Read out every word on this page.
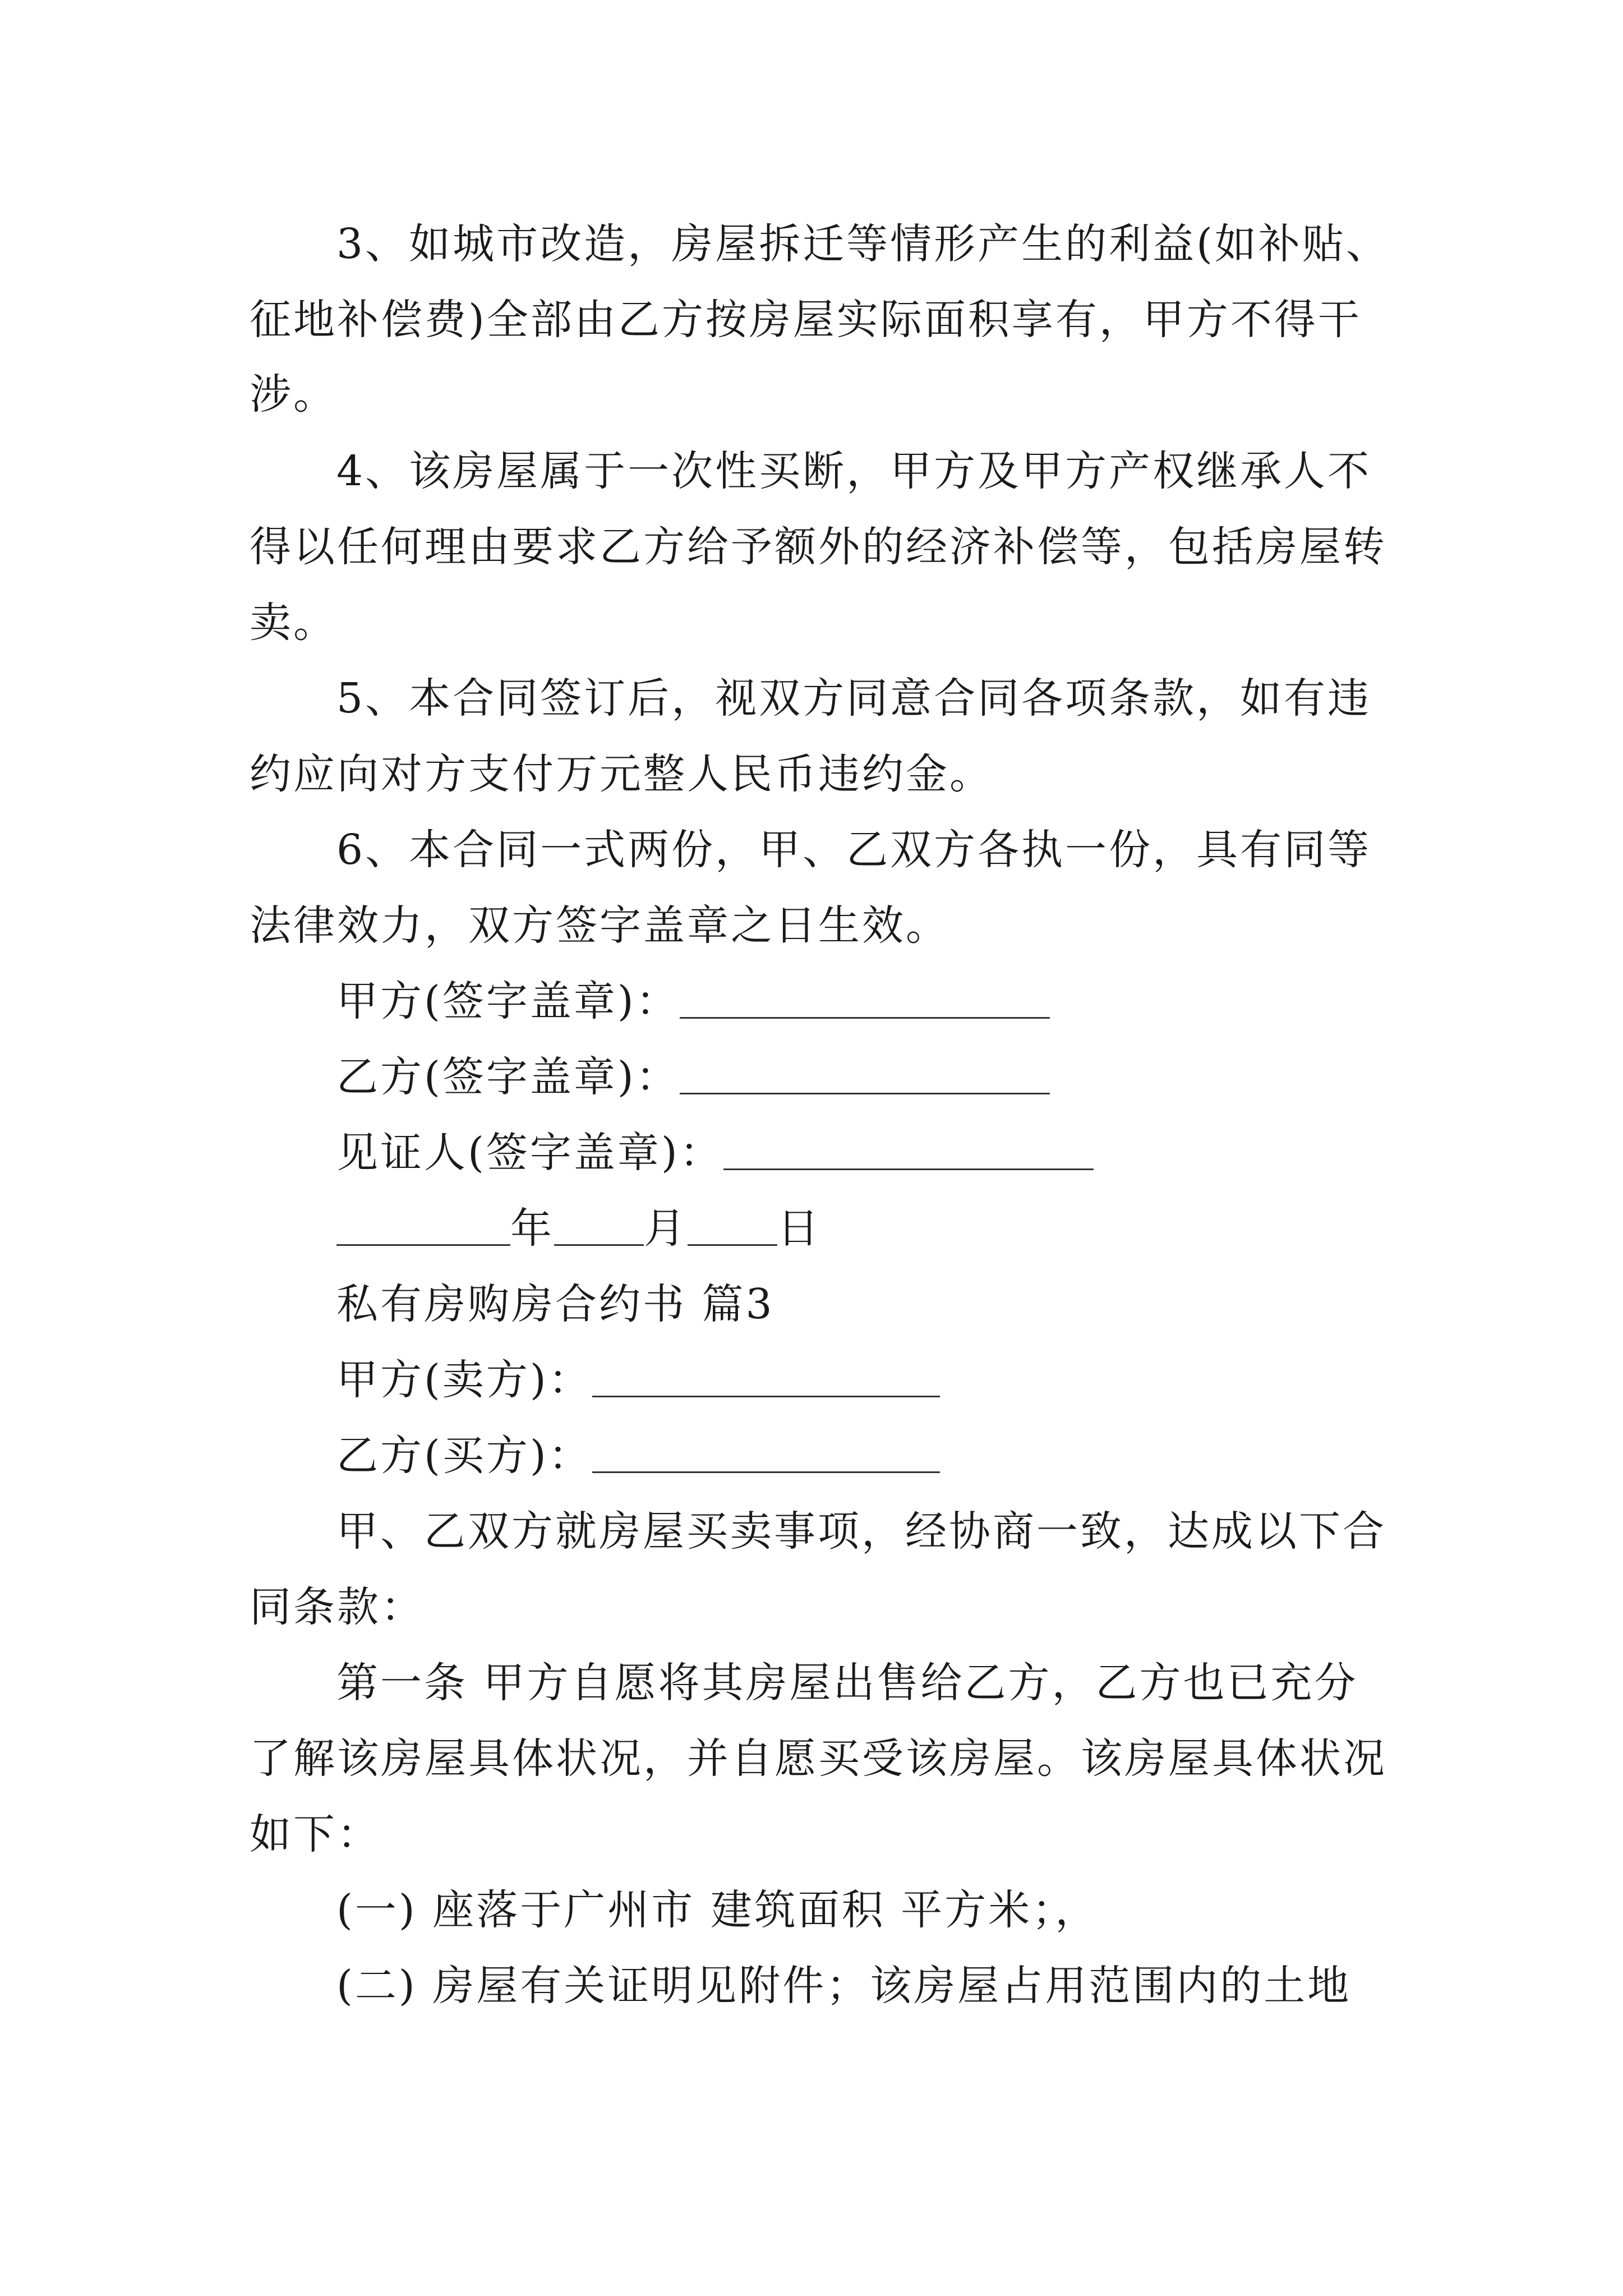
3、如城市改造，房屋拆迁等情形产生的利益(如补贴、
征地补偿费)全部由乙方按房屋实际面积享有，甲方不得干
涉。
4、该房屋属于一次性买断，甲方及甲方产权继承人不
得以任何理由要求乙方给予额外的经济补偿等，包括房屋转
卖。
5、本合同签订后，视双方同意合同各项条款，如有违
约应向对方支付万元整人民币违约金。
6、本合同一式两份，甲、乙双方各执一份，具有同等
法律效力，双方签字盖章之日生效。
甲方(签字盖章)：
乙方(签字盖章)：
见证人(签字盖章)：
年 月 日
私有房购房合约书 篇3
甲方(卖方)：
乙方(买方)：
甲、乙双方就房屋买卖事项，经协商一致，达成以下合
同条款：
第一条 甲方自愿将其房屋出售给乙方，乙方也已充分
了解该房屋具体状况，并自愿买受该房屋。该房屋具体状况
如下：
(一) 座落于广州市 建筑面积 平方米；，
(二) 房屋有关证明见附件；该房屋占用范围内的土地
